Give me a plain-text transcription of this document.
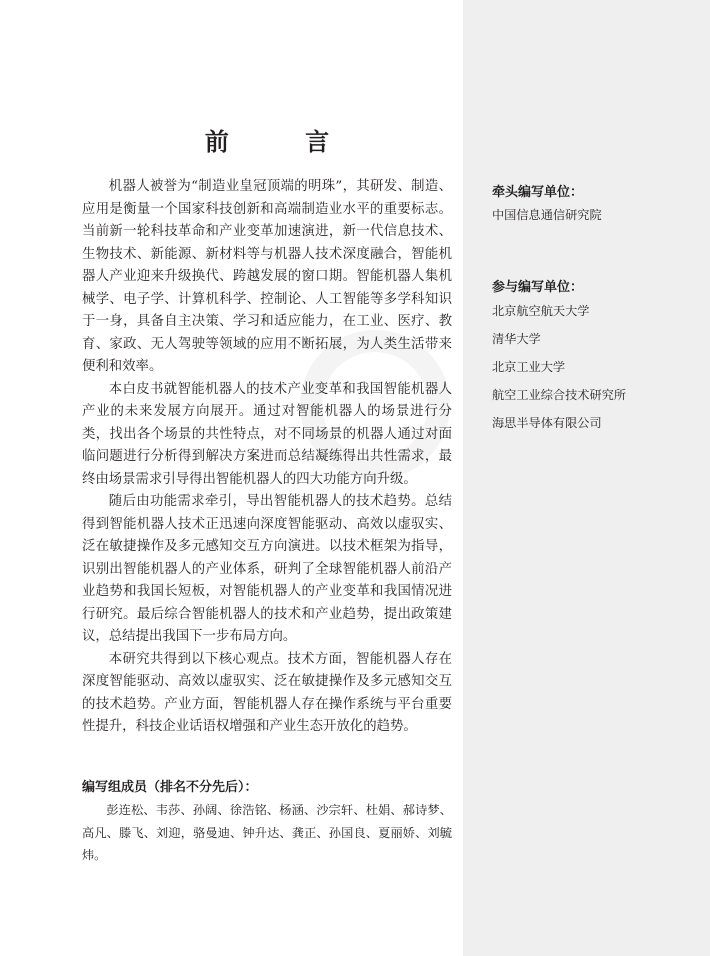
前 言

机器人被誉为“制造业皇冠顶端的明珠”，其研发、制造、应用是衡量一个国家科技创新和高端制造业水平的重要标志。当前新一轮科技革命和产业变革加速演进，新一代信息技术、生物技术、新能源、新材料等与机器人技术深度融合，智能机器人产业迎来升级换代、跨越发展的窗口期。智能机器人集机械学、电子学、计算机科学、控制论、人工智能等多学科知识于一身，具备自主决策、学习和适应能力，在工业、医疗、教育、家政、无人驾驶等领域的应用不断拓展，为人类生活带来便利和效率。

本白皮书就智能机器人的技术产业变革和我国智能机器人产业的未来发展方向展开。通过对智能机器人的场景进行分类，找出各个场景的共性特点，对不同场景的机器人通过对面临问题进行分析得到解决方案进而总结凝练得出共性需求，最终由场景需求引导得出智能机器人的四大功能方向升级。

随后由功能需求牵引，导出智能机器人的技术趋势。总结得到智能机器人技术正迅速向深度智能驱动、高效以虚驭实、泛在敏捷操作及多元感知交互方向演进。以技术框架为指导，识别出智能机器人的产业体系，研判了全球智能机器人前沿产业趋势和我国长短板，对智能机器人的产业变革和我国情况进行研究。最后综合智能机器人的技术和产业趋势，提出政策建议，总结提出我国下一步布局方向。

本研究共得到以下核心观点。技术方面，智能机器人存在深度智能驱动、高效以虚驭实、泛在敏捷操作及多元感知交互的技术趋势。产业方面，智能机器人存在操作系统与平台重要性提升，科技企业话语权增强和产业生态开放化的趋势。

编写组成员（排名不分先后）：
彭连松、韦莎、孙阔、徐浩铭、杨涵、沙宗轩、杜娟、郝诗梦、高凡、滕飞、刘迎，骆曼迪、钟升达、龚正、孙国良、夏丽娇、刘毓炜。
牵头编写单位：
中国信息通信研究院
参与编写单位：
北京航空航天大学
清华大学
北京工业大学
航空工业综合技术研究所
海思半导体有限公司
